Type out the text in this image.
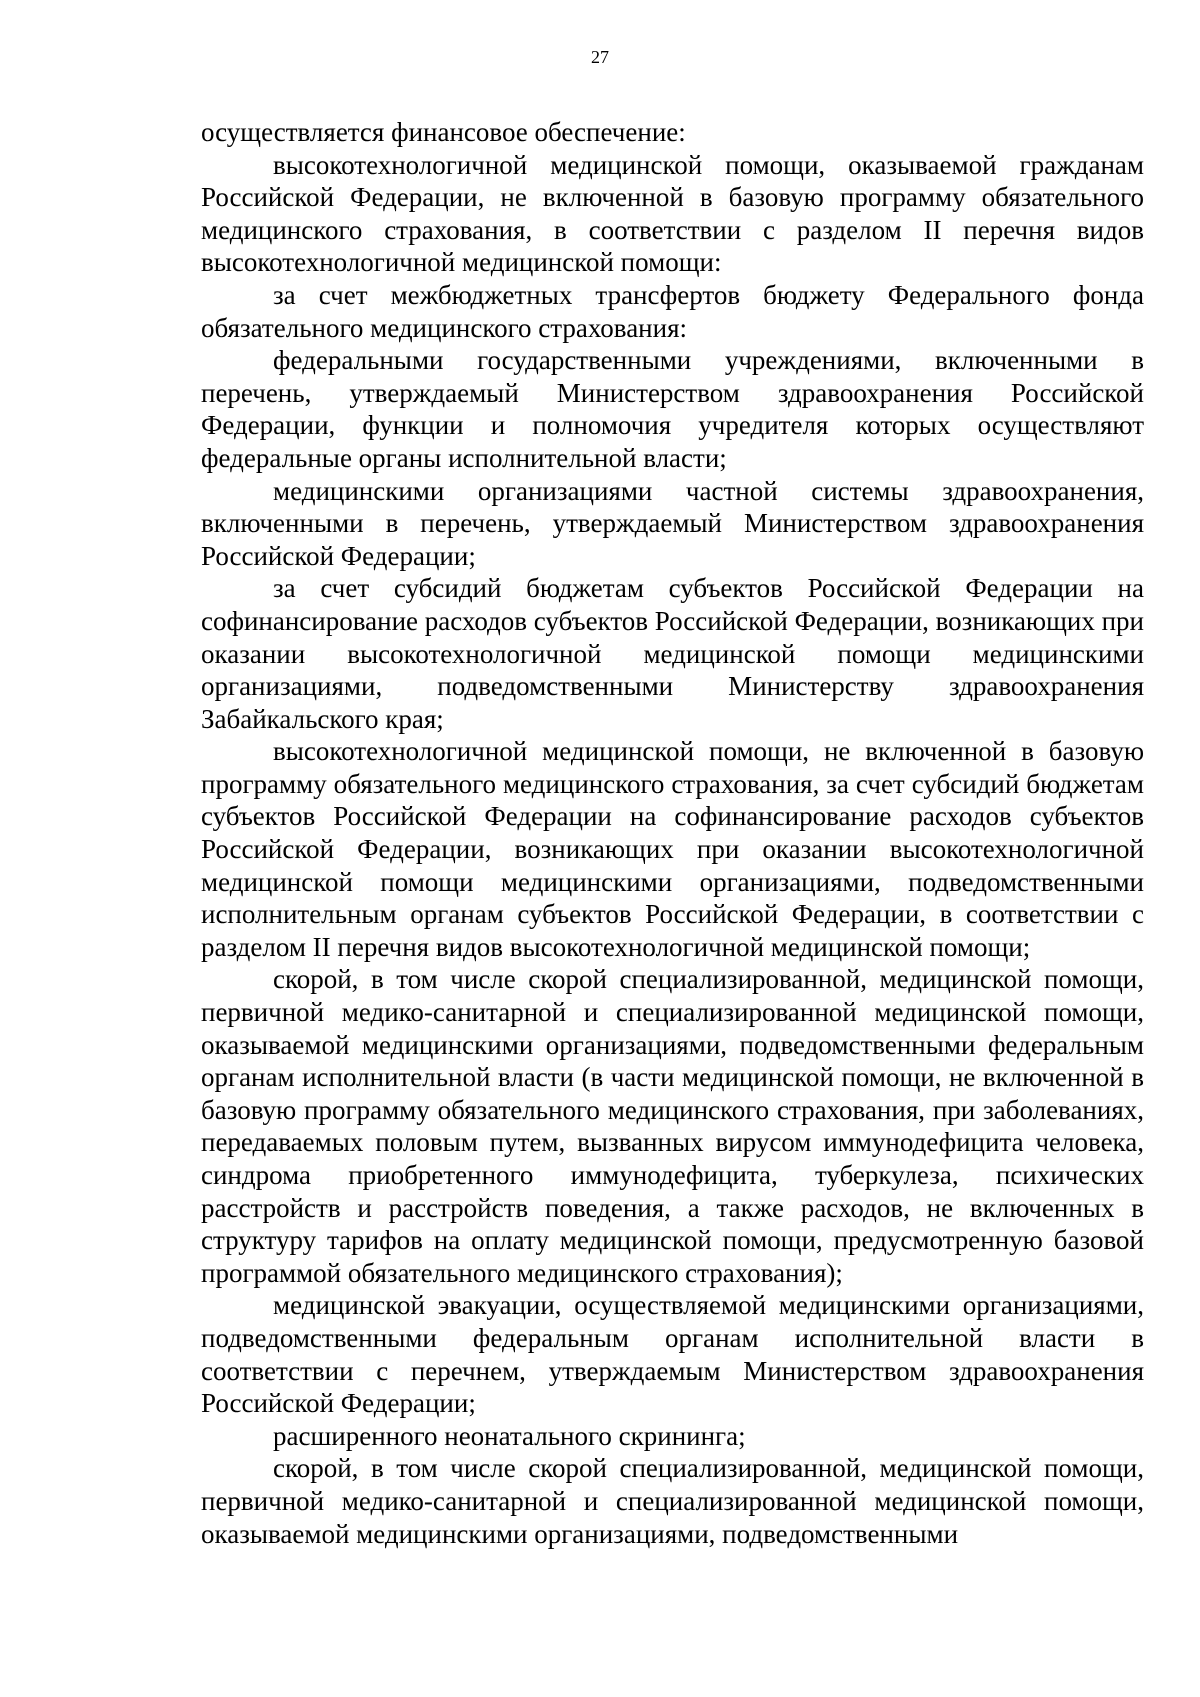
27

осуществляется финансовое обеспечение:

высокотехнологичной медицинской помощи, оказываемой гражданам Российской Федерации, не включенной в базовую программу обязательного медицинского страхования, в соответствии с разделом II перечня видов высокотехнологичной медицинской помощи:

за счет межбюджетных трансфертов бюджету Федерального фонда обязательного медицинского страхования:

федеральными государственными учреждениями, включенными в перечень, утверждаемый Министерством здравоохранения Российской Федерации, функции и полномочия учредителя которых осуществляют федеральные органы исполнительной власти;

медицинскими организациями частной системы здравоохранения, включенными в перечень, утверждаемый Министерством здравоохранения Российской Федерации;

за счет субсидий бюджетам субъектов Российской Федерации на софинансирование расходов субъектов Российской Федерации, возникающих при оказании высокотехнологичной медицинской помощи медицинскими организациями, подведомственными Министерству здравоохранения Забайкальского края;

высокотехнологичной медицинской помощи, не включенной в базовую программу обязательного медицинского страхования, за счет субсидий бюджетам субъектов Российской Федерации на софинансирование расходов субъектов Российской Федерации, возникающих при оказании высокотехнологичной медицинской помощи медицинскими организациями, подведомственными исполнительным органам субъектов Российской Федерации, в соответствии с разделом II перечня видов высокотехнологичной медицинской помощи;

скорой, в том числе скорой специализированной, медицинской помощи, первичной медико-санитарной и специализированной медицинской помощи, оказываемой медицинскими организациями, подведомственными федеральным органам исполнительной власти (в части медицинской помощи, не включенной в базовую программу обязательного медицинского страхования, при заболеваниях, передаваемых половым путем, вызванных вирусом иммунодефицита человека, синдрома приобретенного иммунодефицита, туберкулеза, психических расстройств и расстройств поведения, а также расходов, не включенных в структуру тарифов на оплату медицинской помощи, предусмотренную базовой программой обязательного медицинского страхования);

медицинской эвакуации, осуществляемой медицинскими организациями, подведомственными федеральным органам исполнительной власти в соответствии с перечнем, утверждаемым Министерством здравоохранения Российской Федерации;

расширенного неонатального скрининга;

скорой, в том числе скорой специализированной, медицинской помощи, первичной медико-санитарной и специализированной медицинской помощи, оказываемой медицинскими организациями, подведомственными
